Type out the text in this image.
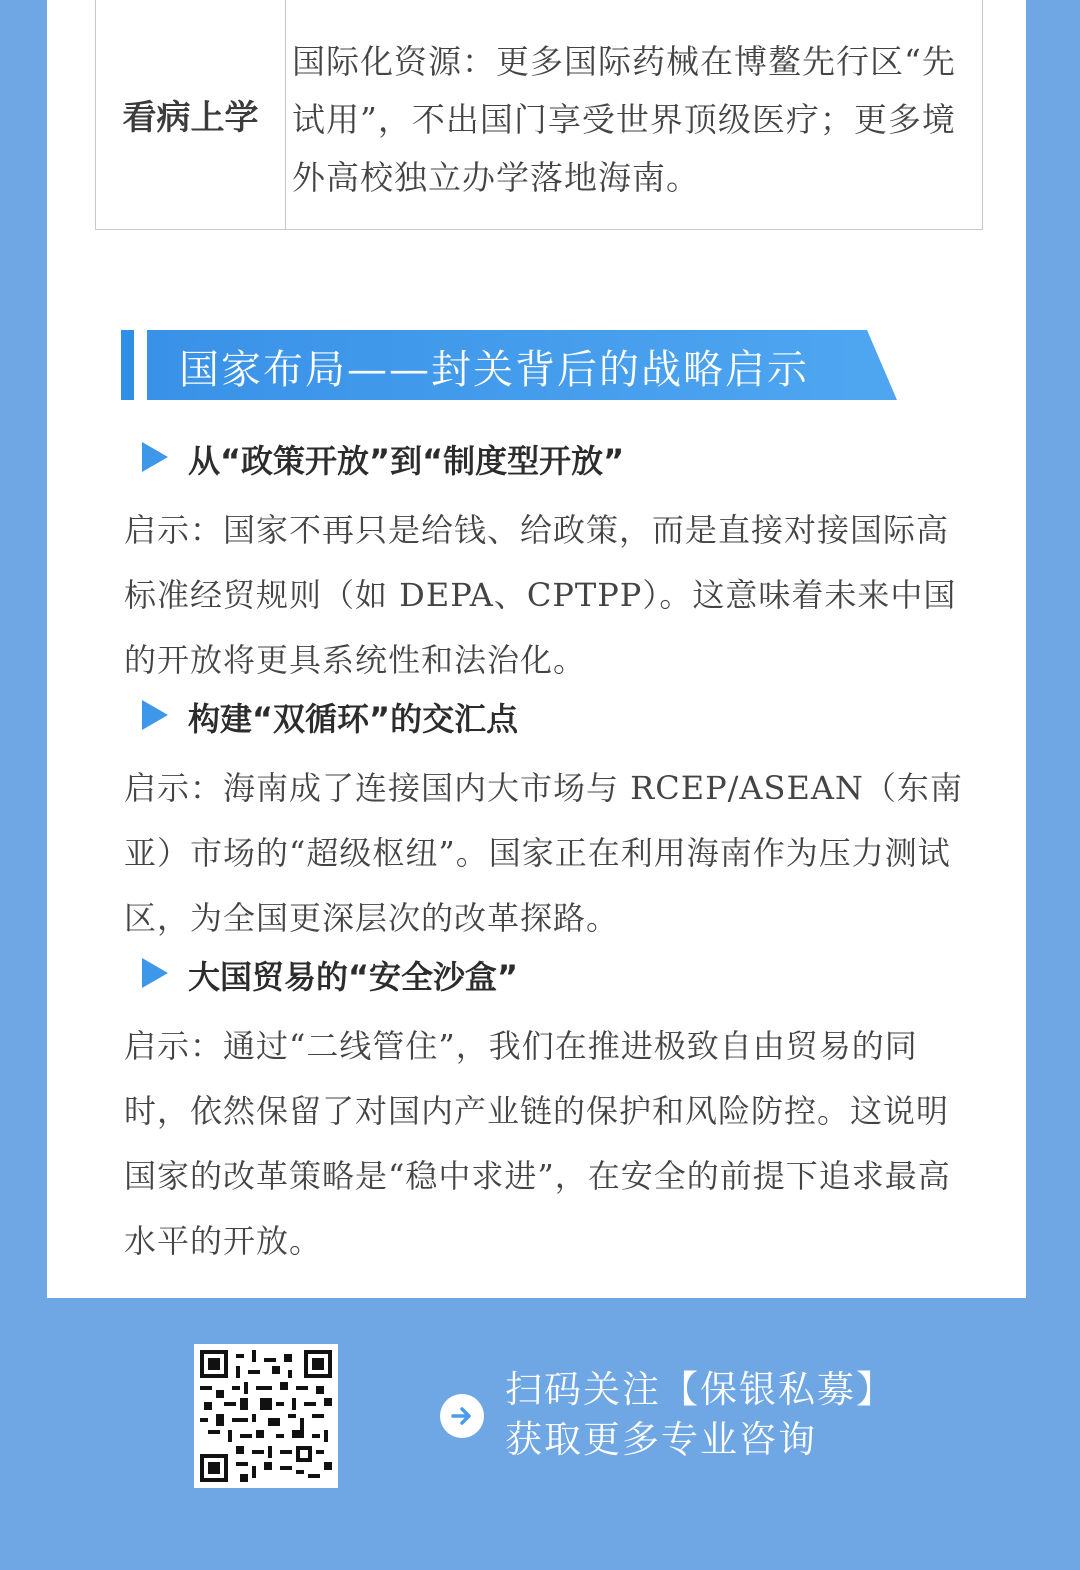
看病上学
国际化资源：更多国际药械在博鳌先行区“先试用”，不出国门享受世界顶级医疗；更多境外高校独立办学落地海南。
国家布局——封关背后的战略启示
从“政策开放”到“制度型开放”
启示：国家不再只是给钱、给政策，而是直接对接国际高标准经贸规则（如 DEPA、CPTPP）。这意味着未来中国的开放将更具系统性和法治化。
构建“双循环”的交汇点
启示：海南成了连接国内大市场与 RCEP/ASEAN（东南亚）市场的“超级枢纽”。国家正在利用海南作为压力测试区，为全国更深层次的改革探路。
大国贸易的“安全沙盒”
启示：通过“二线管住”，我们在推进极致自由贸易的同时，依然保留了对国内产业链的保护和风险防控。这说明国家的改革策略是“稳中求进”，在安全的前提下追求最高水平的开放。
扫码关注【保银私募】
获取更多专业咨询
